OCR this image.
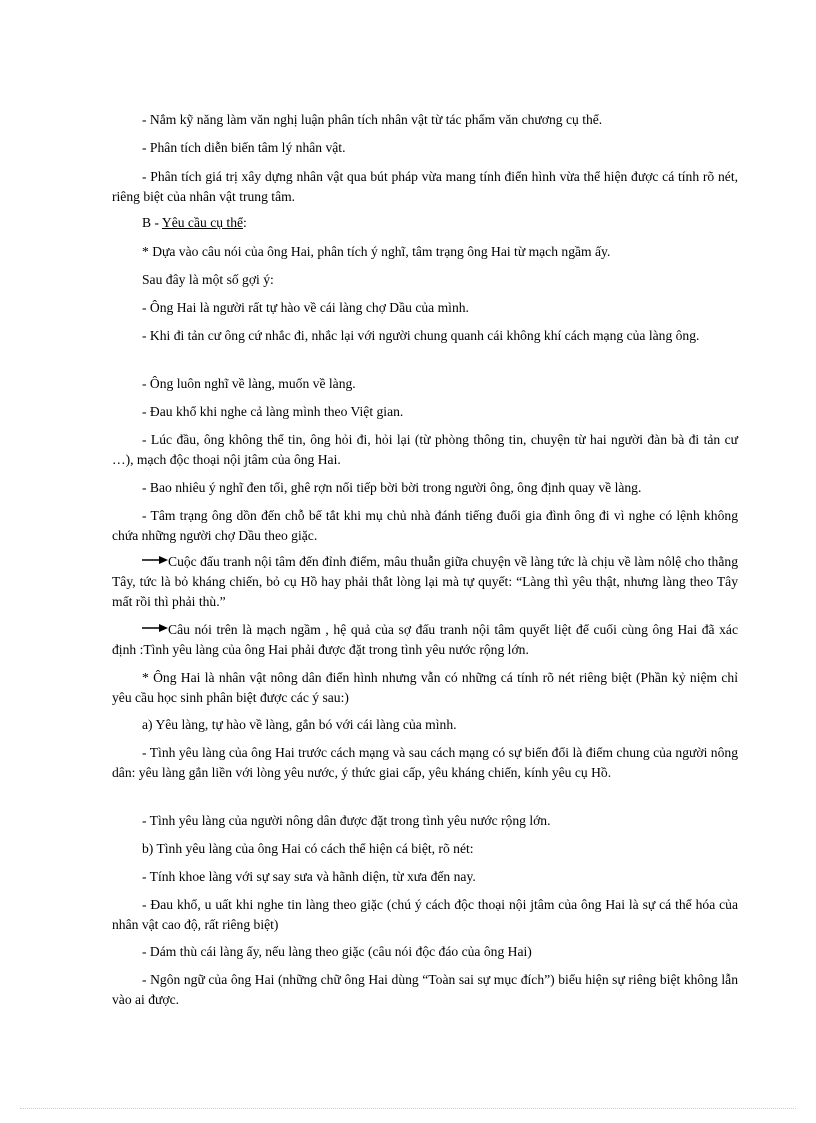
- Nắm kỹ năng làm văn nghị luận phân tích nhân vật từ tác phẩm văn chương cụ thể.

- Phân tích diễn biến tâm lý nhân vật.

- Phân tích giá trị xây dựng nhân vật qua bút pháp vừa mang tính điển hình vừa thể hiện được cá tính rõ nét, riêng biệt của nhân vật trung tâm.

B - Yêu cầu cụ thể:

* Dựa vào câu nói của ông Hai, phân tích ý nghĩ, tâm trạng ông Hai từ mạch ngầm ấy.

Sau đây là một số gợi ý:

- Ông Hai là người rất tự hào về cái làng chợ Dầu của mình.

- Khi đi tản cư ông cứ nhắc đi, nhắc lại với người chung quanh cái không khí cách mạng của làng ông.

- Ông luôn nghĩ về làng, muốn về làng.

- Đau khổ khi nghe cả làng mình theo Việt gian.

- Lúc đầu, ông không thể tin, ông hỏi đi, hỏi lại (từ phòng thông tin, chuyện từ hai người đàn bà đi tản cư …), mạch độc thoại nội jtâm của ông Hai.

- Bao nhiêu ý nghĩ đen tối, ghê rợn nối tiếp bời bời trong người ông, ông định quay về làng.

- Tâm trạng ông dồn đến chỗ bế tắt khi mụ chủ nhà đánh tiếng đuổi gia đình ông đi vì nghe có lệnh không chứa những người chợ Dầu theo giặc.

Cuộc đấu tranh nội tâm đến đỉnh điểm, mâu thuẫn giữa chuyện về làng tức là chịu về làm nôlệ cho thằng Tây, tức là bỏ kháng chiến, bỏ cụ Hồ hay phải thắt lòng lại mà tự quyết: “Làng thì yêu thật, nhưng làng theo Tây mất rồi thì phải thù.”

Câu nói trên là mạch ngầm , hệ quả của sợ đấu tranh nội tâm quyết liệt để cuối cùng ông Hai đã xác định :Tình yêu làng của ông Hai phải được đặt trong tình yêu nước rộng lớn.

* Ông Hai là nhân vật nông dân điển hình nhưng vẫn có những cá tính rõ nét riêng biệt (Phần kỷ niệm chỉ yêu cầu học sinh phân biệt được các ý sau:)

a) Yêu làng, tự hào về làng, gắn bó với cái làng của mình.

- Tình yêu làng của ông Hai trước cách mạng và sau cách mạng có sự biến đổi là điểm chung của người nông dân: yêu làng gắn liền với lòng yêu nước, ý thức giai cấp, yêu kháng chiến, kính yêu cụ Hồ.

- Tình yêu làng của người nông dân được đặt trong tình yêu nước rộng lớn.

b) Tình yêu làng của ông Hai có cách thể hiện cá biệt, rõ nét:

- Tính khoe làng với sự say sưa và hãnh diện, từ xưa đến nay.

- Đau khổ, u uất khi nghe tin làng theo giặc (chú ý cách độc thoại nội jtâm của ông Hai là sự cá thể hóa của nhân vật cao độ, rất riêng biệt)

- Dám thù cái làng ấy, nếu làng theo giặc (câu nói độc đáo của ông Hai)

- Ngôn ngữ của ông Hai (những chữ ông Hai dùng “Toàn sai sự mục đích”) biểu hiện sự riêng biệt không lẫn vào ai được.
